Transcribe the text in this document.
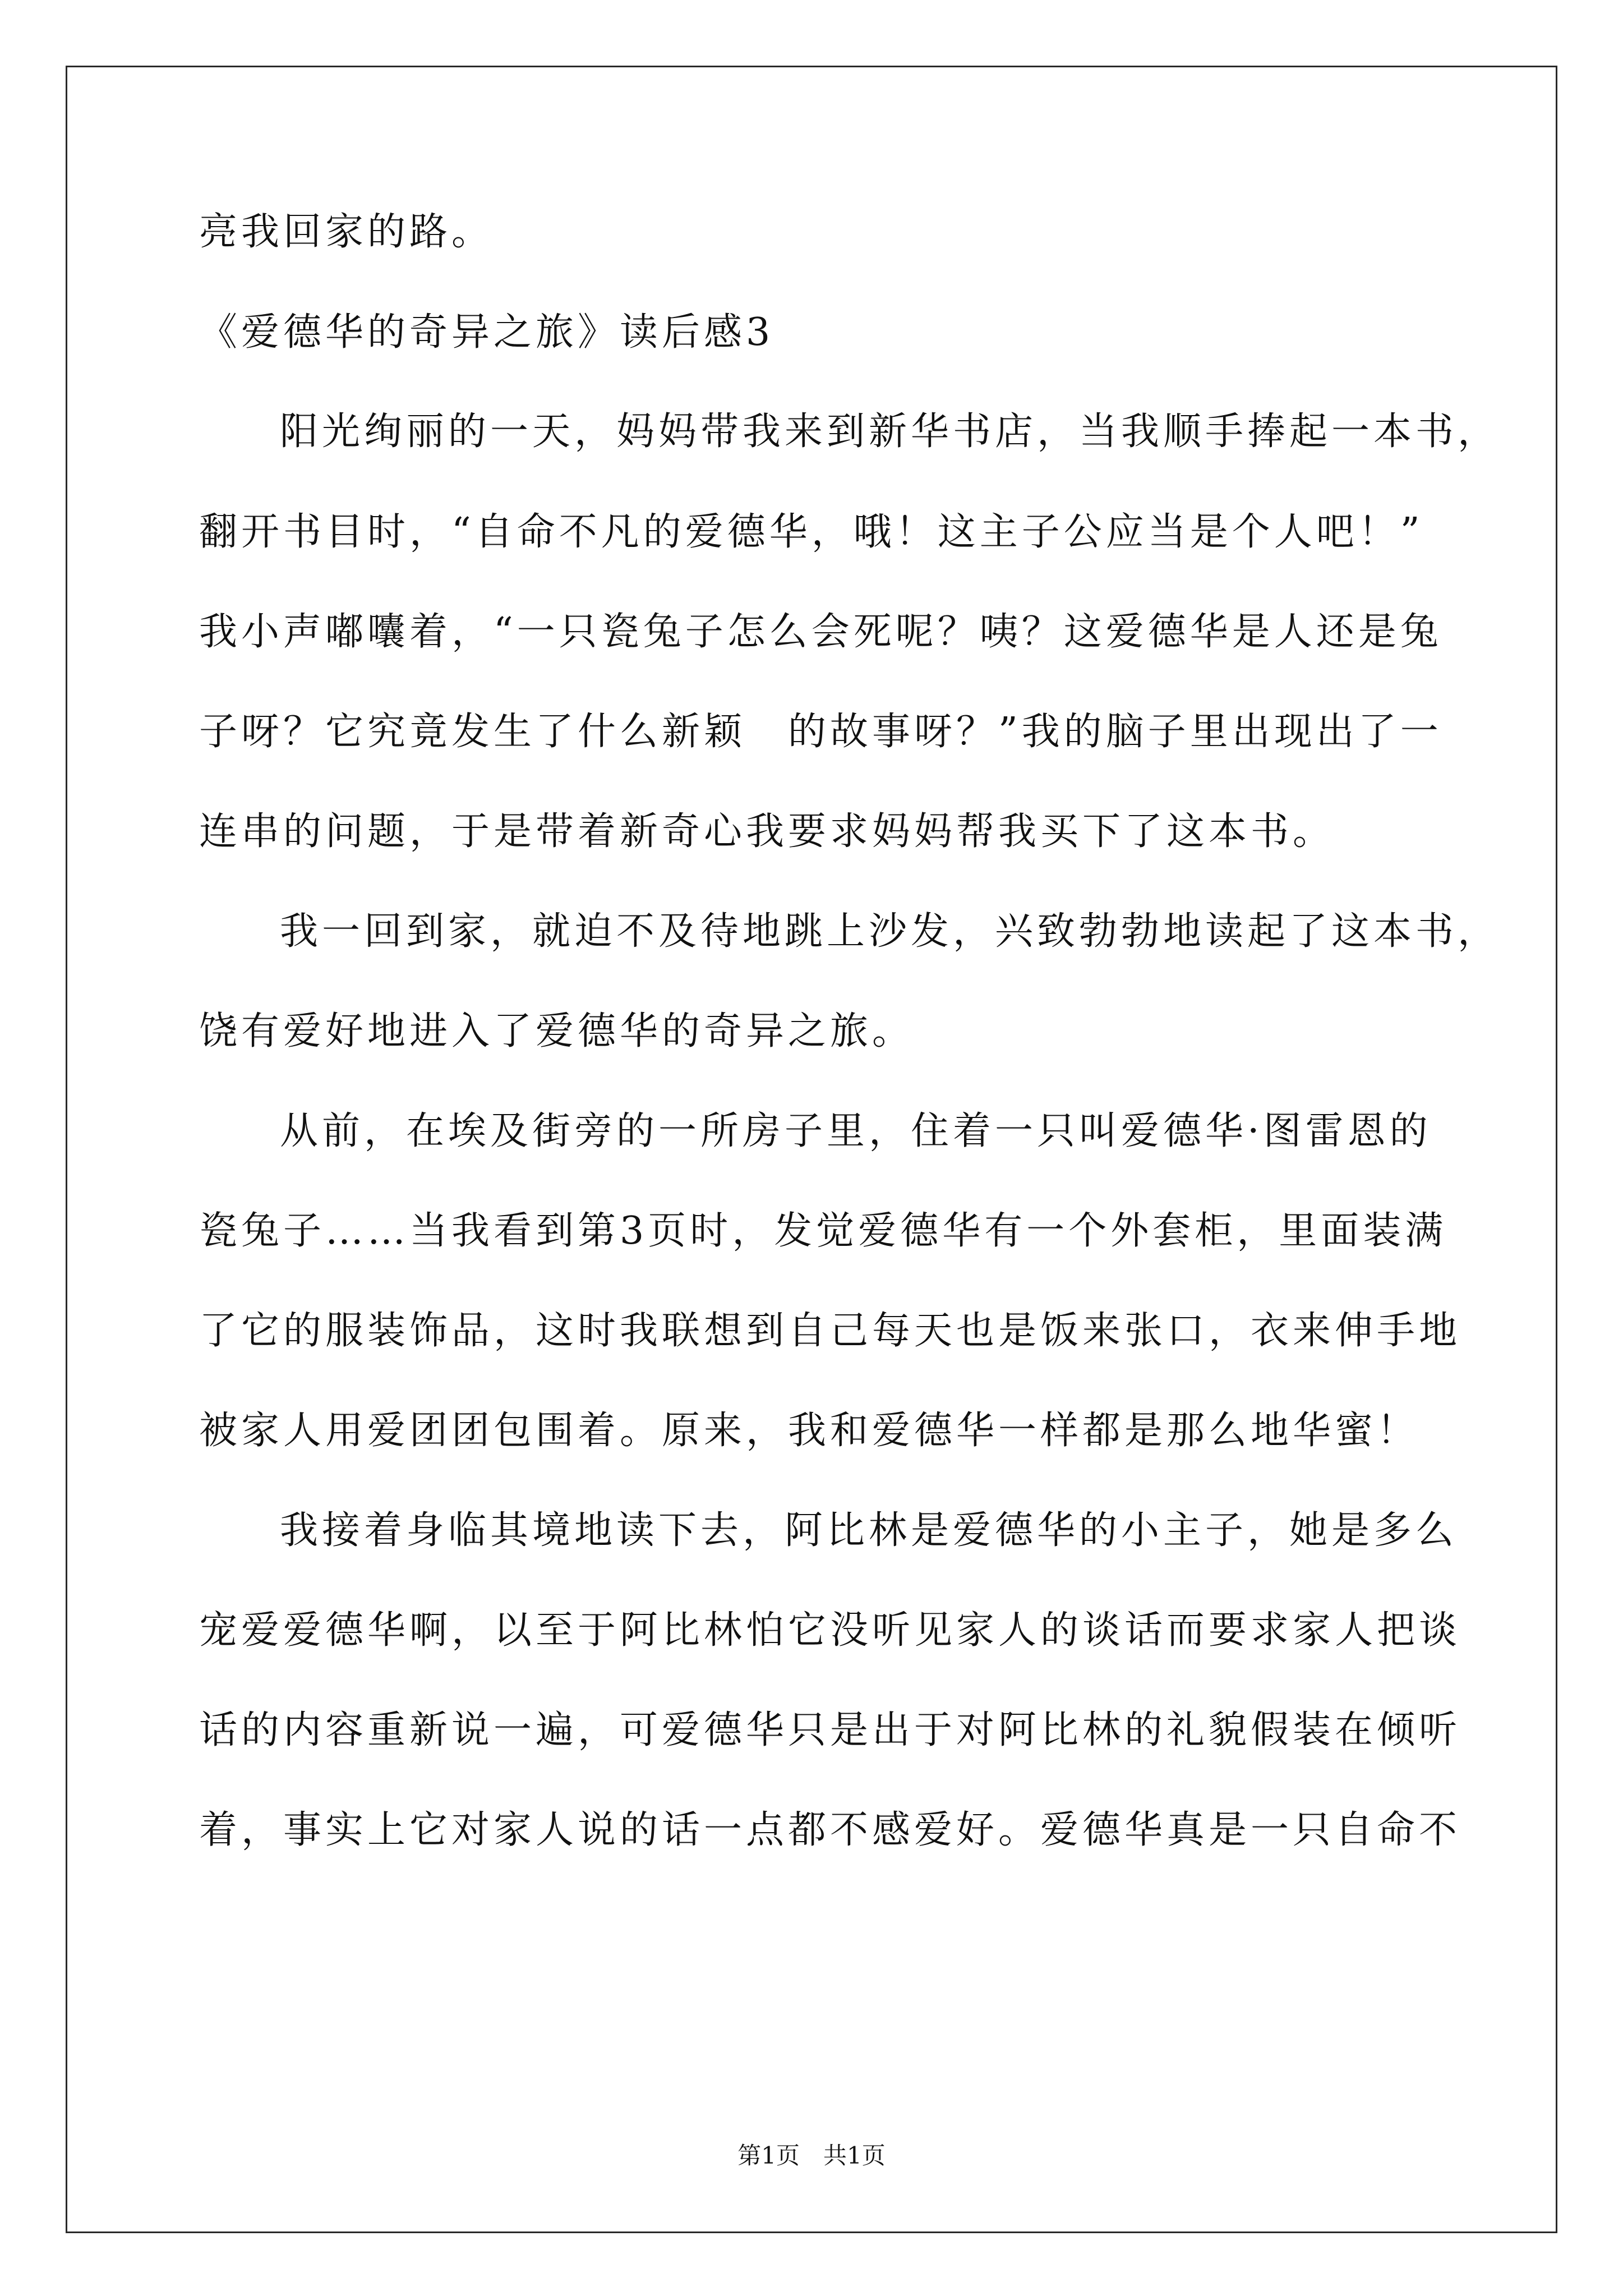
亮我回家的路。
《爱德华的奇异之旅》读后感3
阳光绚丽的一天，妈妈带我来到新华书店，当我顺手捧起一本书，
翻开书目时，“自命不凡的爱德华，哦！这主子公应当是个人吧！”
我小声嘟囔着，“一只瓷兔子怎么会死呢？咦？这爱德华是人还是兔
子呀？它究竟发生了什么新颖　的故事呀？”我的脑子里出现出了一
连串的问题，于是带着新奇心我要求妈妈帮我买下了这本书。
我一回到家，就迫不及待地跳上沙发，兴致勃勃地读起了这本书，
饶有爱好地进入了爱德华的奇异之旅。
从前，在埃及街旁的一所房子里，住着一只叫爱德华·图雷恩的
瓷兔子……当我看到第3页时，发觉爱德华有一个外套柜，里面装满
了它的服装饰品，这时我联想到自己每天也是饭来张口，衣来伸手地
被家人用爱团团包围着。原来，我和爱德华一样都是那么地华蜜！
我接着身临其境地读下去，阿比林是爱德华的小主子，她是多么
宠爱爱德华啊，以至于阿比林怕它没听见家人的谈话而要求家人把谈
话的内容重新说一遍，可爱德华只是出于对阿比林的礼貌假装在倾听
着，事实上它对家人说的话一点都不感爱好。爱德华真是一只自命不
第1页　共1页
